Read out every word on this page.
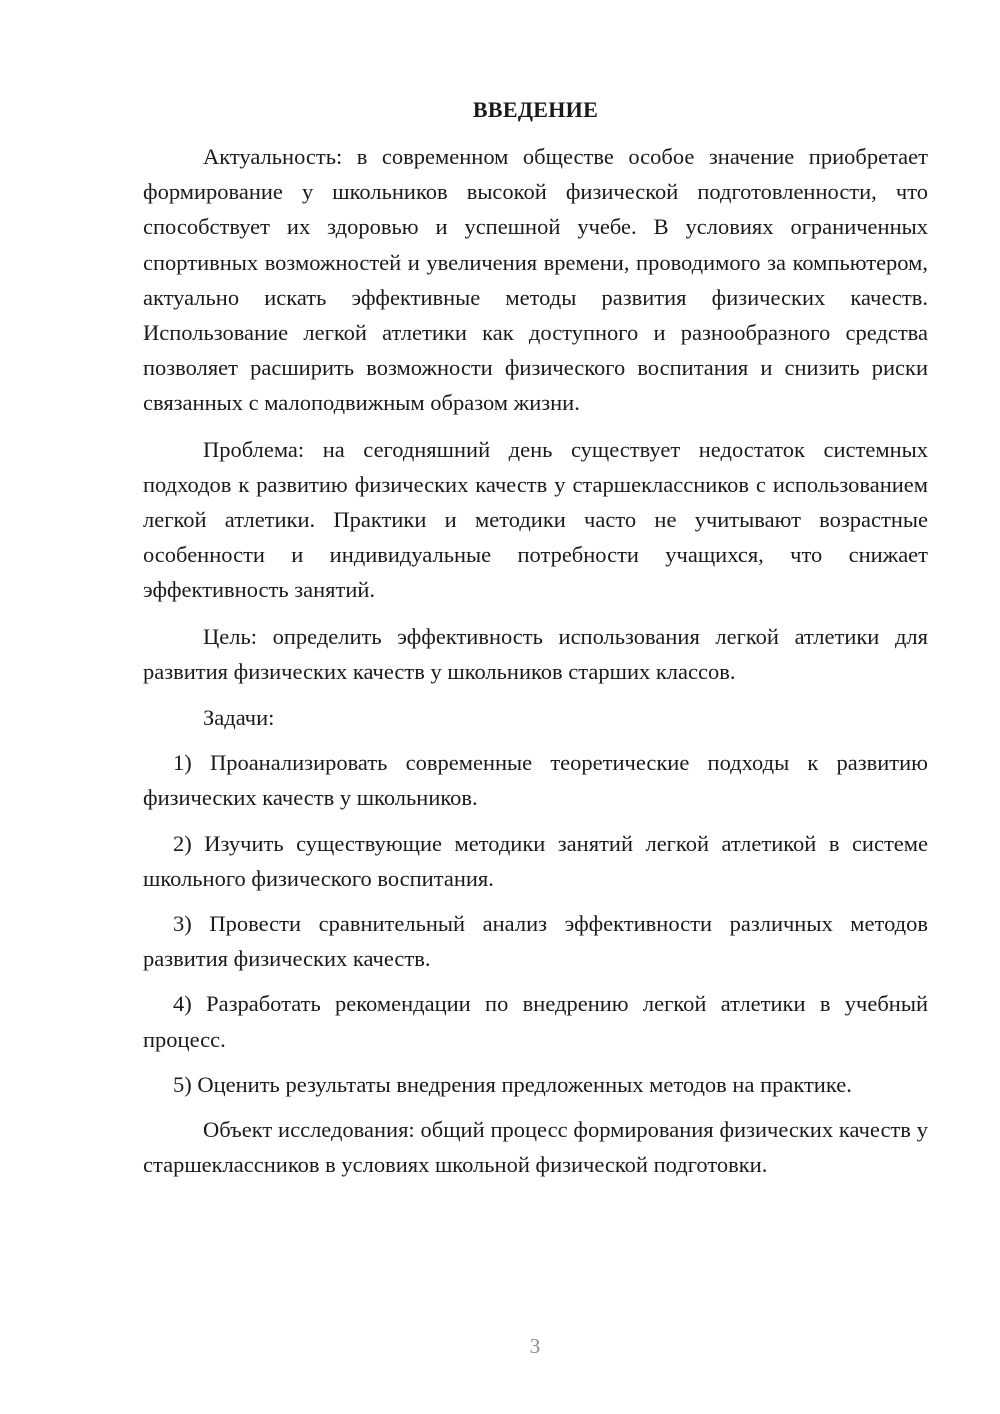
ВВЕДЕНИЕ

Актуальность: в современном обществе особое значение приобретает формирование у школьников высокой физической подготовленности, что способствует их здоровью и успешной учебе. В условиях ограниченных спортивных возможностей и увеличения времени, проводимого за компьютером, актуально искать эффективные методы развития физических качеств. Использование легкой атлетики как доступного и разнообразного средства позволяет расширить возможности физического воспитания и снизить риски связанных с малоподвижным образом жизни.

Проблема: на сегодняшний день существует недостаток системных подходов к развитию физических качеств у старшеклассников с использованием легкой атлетики. Практики и методики часто не учитывают возрастные особенности и индивидуальные потребности учащихся, что снижает эффективность занятий.

Цель: определить эффективность использования легкой атлетики для развития физических качеств у школьников старших классов.

Задачи:

1) Проанализировать современные теоретические подходы к развитию физических качеств у школьников.

2) Изучить существующие методики занятий легкой атлетикой в системе школьного физического воспитания.

3) Провести сравнительный анализ эффективности различных методов развития физических качеств.

4) Разработать рекомендации по внедрению легкой атлетики в учебный процесс.

5) Оценить результаты внедрения предложенных методов на практике.

Объект исследования: общий процесс формирования физических качеств у старшеклассников в условиях школьной физической подготовки.

3
